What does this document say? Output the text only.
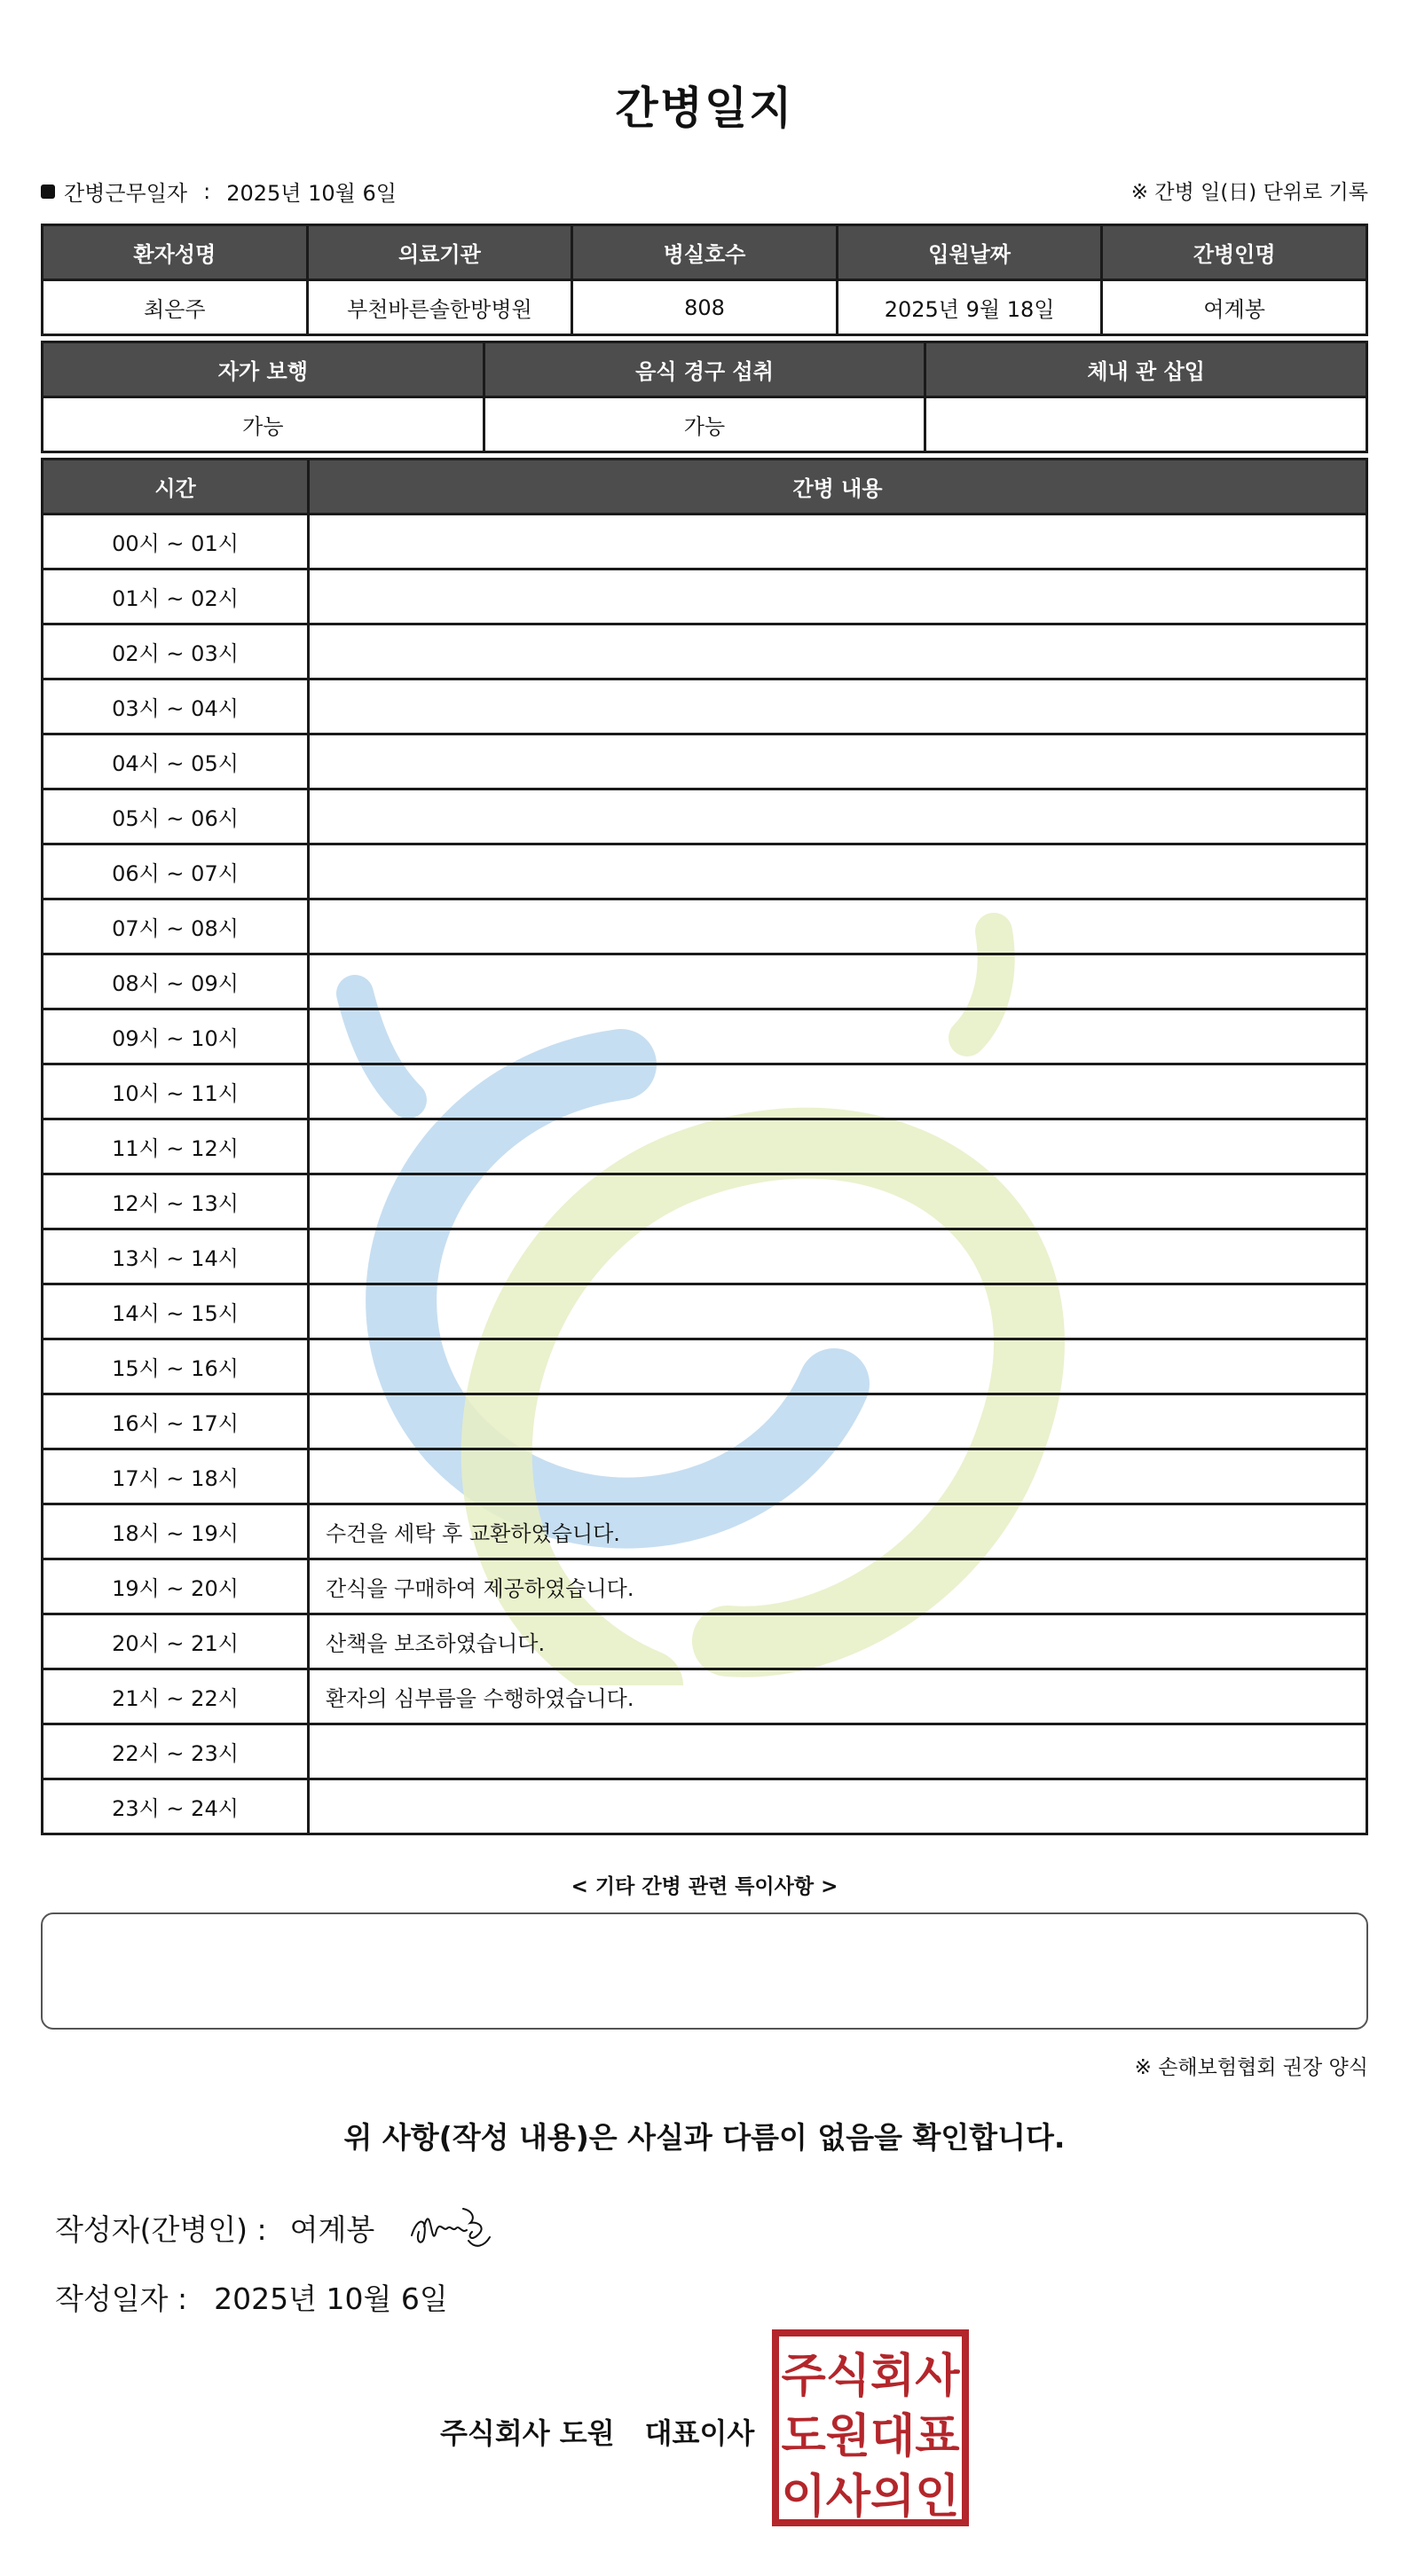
간병일지
간병근무일자 : 2025년 10월 6일	※ 간병 일(日) 단위로 기록
환자성명	의료기관	병실호수	입원날짜	간병인명
최은주	부천바른솔한방병원	808	2025년 9월 18일	여계봉
자가 보행	음식 경구 섭취	체내 관 삽입
가능	가능	
시간	간병 내용
00시 ~ 01시	
01시 ~ 02시	
02시 ~ 03시	
03시 ~ 04시	
04시 ~ 05시	
05시 ~ 06시	
06시 ~ 07시	
07시 ~ 08시	
08시 ~ 09시	
09시 ~ 10시	
10시 ~ 11시	
11시 ~ 12시	
12시 ~ 13시	
13시 ~ 14시	
14시 ~ 15시	
15시 ~ 16시	
16시 ~ 17시	
17시 ~ 18시	
18시 ~ 19시	수건을 세탁 후 교환하였습니다.
19시 ~ 20시	간식을 구매하여 제공하였습니다.
20시 ~ 21시	산책을 보조하였습니다.
21시 ~ 22시	환자의 심부름을 수행하였습니다.
22시 ~ 23시	
23시 ~ 24시	
< 기타 간병 관련 특이사항 >
※ 손해보험협회 권장 양식
위 사항(작성 내용)은 사실과 다름이 없음을 확인합니다.
작성자(간병인) : 여계봉
작성일자 : 2025년 10월 6일
주식회사 도원 대표이사
주식회사
도원대표
이사의인
